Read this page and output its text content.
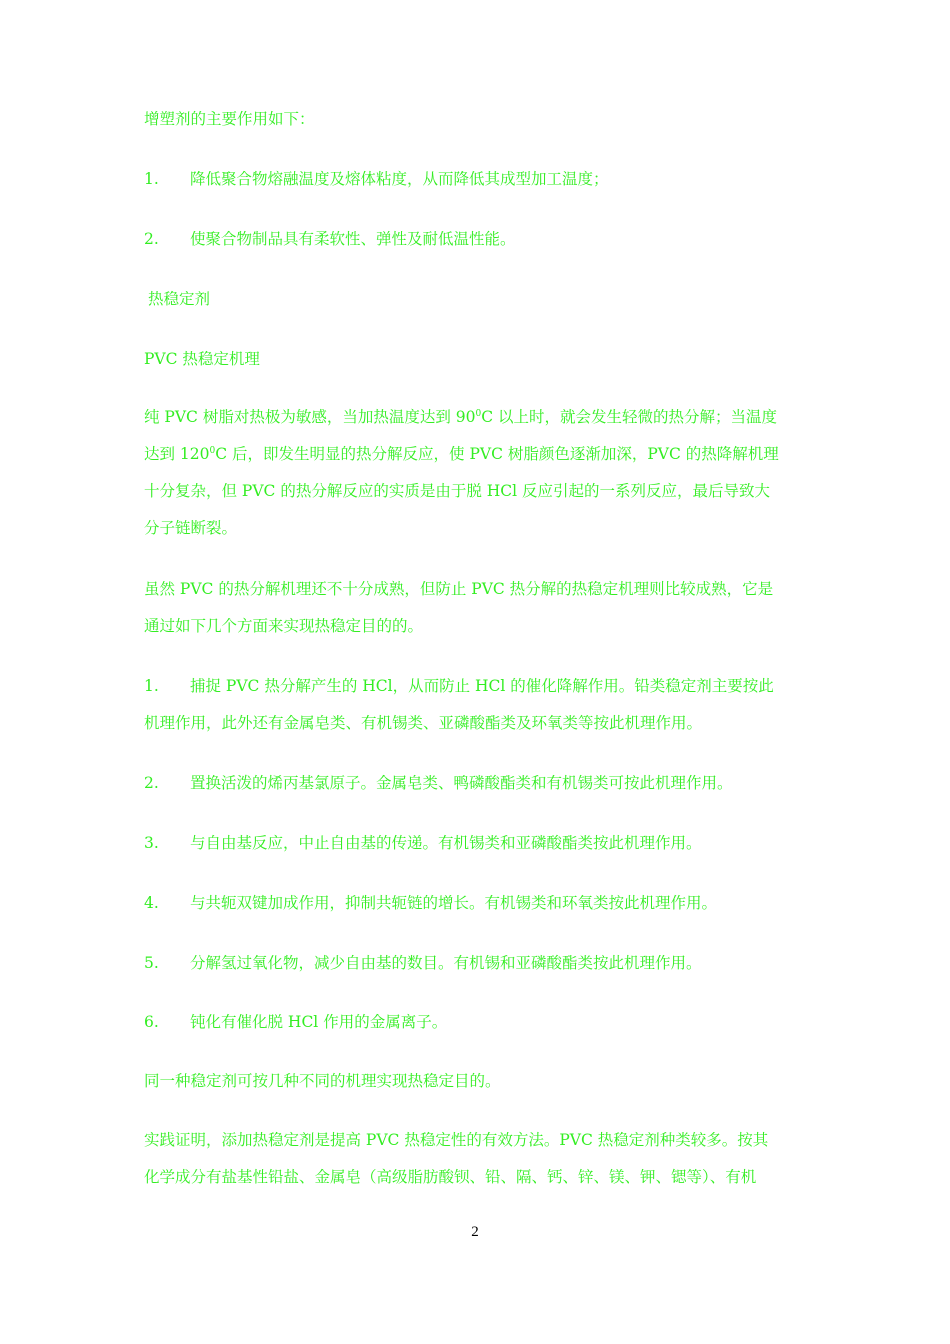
增塑剂的主要作用如下：

1. 降低聚合物熔融温度及熔体粘度，从而降低其成型加工温度；

2. 使聚合物制品具有柔软性、弹性及耐低温性能。

热稳定剂

PVC 热稳定机理

纯 PVC 树脂对热极为敏感，当加热温度达到 $90^0C$ 以上时，就会发生轻微的热分解；当温度
达到 $120^0C$ 后，即发生明显的热分解反应，使 PVC 树脂颜色逐渐加深，PVC 的热降解机理
十分复杂，但 PVC 的热分解反应的实质是由于脱 HCl 反应引起的一系列反应，最后导致大
分子链断裂。
虽然 PVC 的热分解机理还不十分成熟，但防止 PVC 热分解的热稳定机理则比较成熟，它是
通过如下几个方面来实现热稳定目的的。
1. 捕捉 PVC 热分解产生的 HCl，从而防止 HCl 的催化降解作用。铅类稳定剂主要按此
机理作用，此外还有金属皂类、有机锡类、亚磷酸酯类及环氧类等按此机理作用。

2. 置换活泼的烯丙基氯原子。金属皂类、鸭磷酸酯类和有机锡类可按此机理作用。

3. 与自由基反应，中止自由基的传递。有机锡类和亚磷酸酯类按此机理作用。

4. 与共轭双键加成作用，抑制共轭链的增长。有机锡类和环氧类按此机理作用。

5. 分解氢过氧化物，减少自由基的数目。有机锡和亚磷酸酯类按此机理作用。

6. 钝化有催化脱 HCl 作用的金属离子。

同一种稳定剂可按几种不同的机理实现热稳定目的。

实践证明，添加热稳定剂是提高 PVC 热稳定性的有效方法。PVC 热稳定剂种类较多。按其
化学成分有盐基性铅盐、金属皂（高级脂肪酸钡、铅、隔、钙、锌、镁、钾、锶等）、有机
2
